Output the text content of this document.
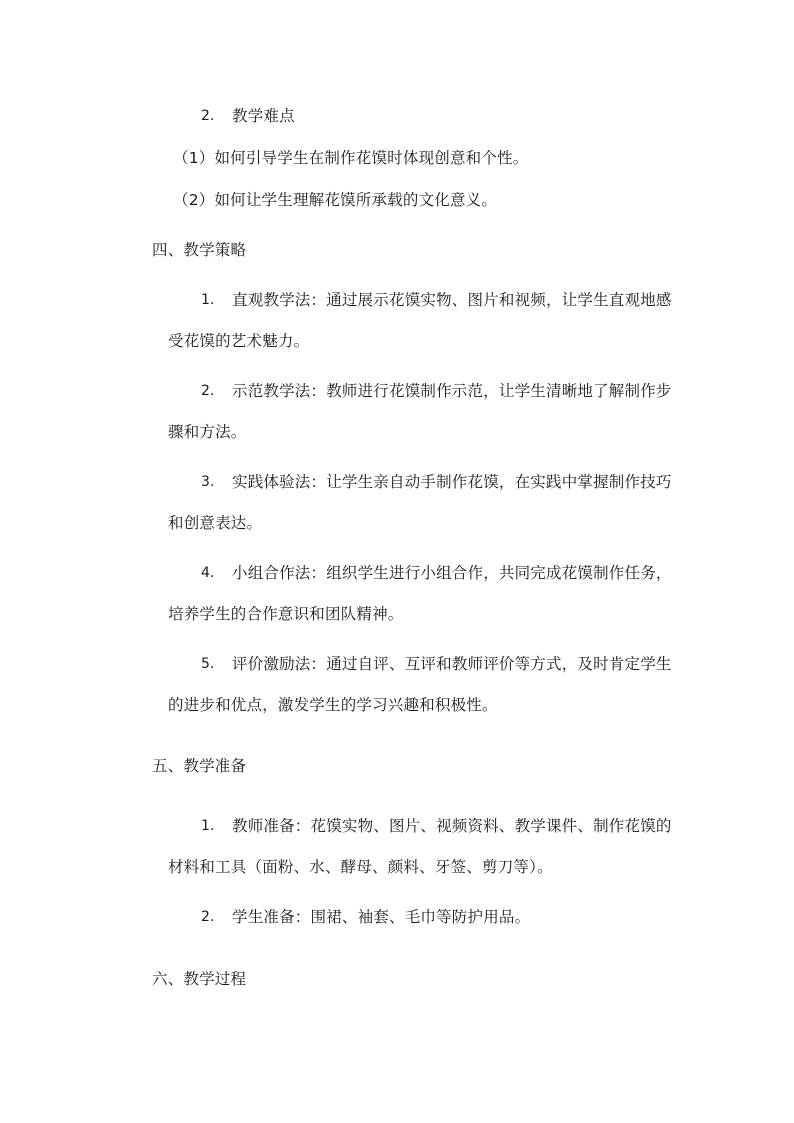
2. 教学难点
（1）如何引导学生在制作花馍时体现创意和个性。
（2）如何让学生理解花馍所承载的文化意义。
四、教学策略
1. 直观教学法：通过展示花馍实物、图片和视频，让学生直观地感
受花馍的艺术魅力。
2. 示范教学法：教师进行花馍制作示范，让学生清晰地了解制作步
骤和方法。
3. 实践体验法：让学生亲自动手制作花馍，在实践中掌握制作技巧
和创意表达。
4. 小组合作法：组织学生进行小组合作，共同完成花馍制作任务，
培养学生的合作意识和团队精神。
5. 评价激励法：通过自评、互评和教师评价等方式，及时肯定学生
的进步和优点，激发学生的学习兴趣和积极性。
五、教学准备
1. 教师准备：花馍实物、图片、视频资料、教学课件、制作花馍的
材料和工具（面粉、水、酵母、颜料、牙签、剪刀等）。
2. 学生准备：围裙、袖套、毛巾等防护用品。
六、教学过程
